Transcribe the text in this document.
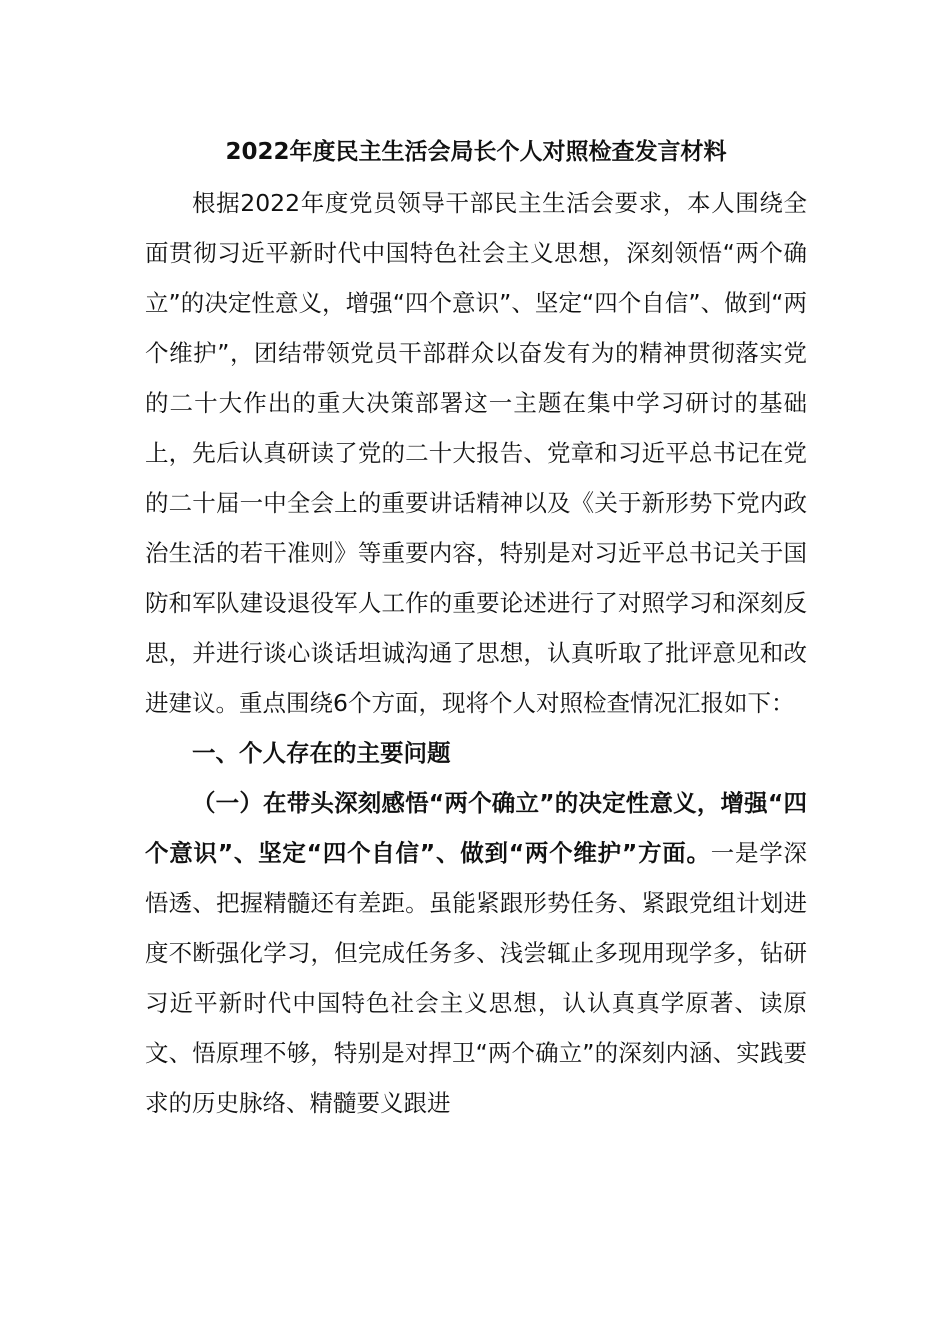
2022年度民主生活会局长个人对照检查发言材料

根据2022年度党员领导干部民主生活会要求，本人围绕全面贯彻习近平新时代中国特色社会主义思想，深刻领悟“两个确立”的决定性意义，增强“四个意识”、坚定“四个自信”、做到“两个维护”，团结带领党员干部群众以奋发有为的精神贯彻落实党的二十大作出的重大决策部署这一主题在集中学习研讨的基础上，先后认真研读了党的二十大报告、党章和习近平总书记在党的二十届一中全会上的重要讲话精神以及《关于新形势下党内政治生活的若干准则》等重要内容，特别是对习近平总书记关于国防和军队建设退役军人工作的重要论述进行了对照学习和深刻反思，并进行谈心谈话坦诚沟通了思想，认真听取了批评意见和改进建议。重点围绕6个方面，现将个人对照检查情况汇报如下：

一、个人存在的主要问题

（一）在带头深刻感悟“两个确立”的决定性意义，增强“四个意识”、坚定“四个自信”、做到“两个维护”方面。一是学深悟透、把握精髓还有差距。虽能紧跟形势任务、紧跟党组计划进度不断强化学习，但完成任务多、浅尝辄止多现用现学多，钻研习近平新时代中国特色社会主义思想，认认真真学原著、读原文、悟原理不够，特别是对捍卫“两个确立”的深刻内涵、实践要求的历史脉络、精髓要义跟进
